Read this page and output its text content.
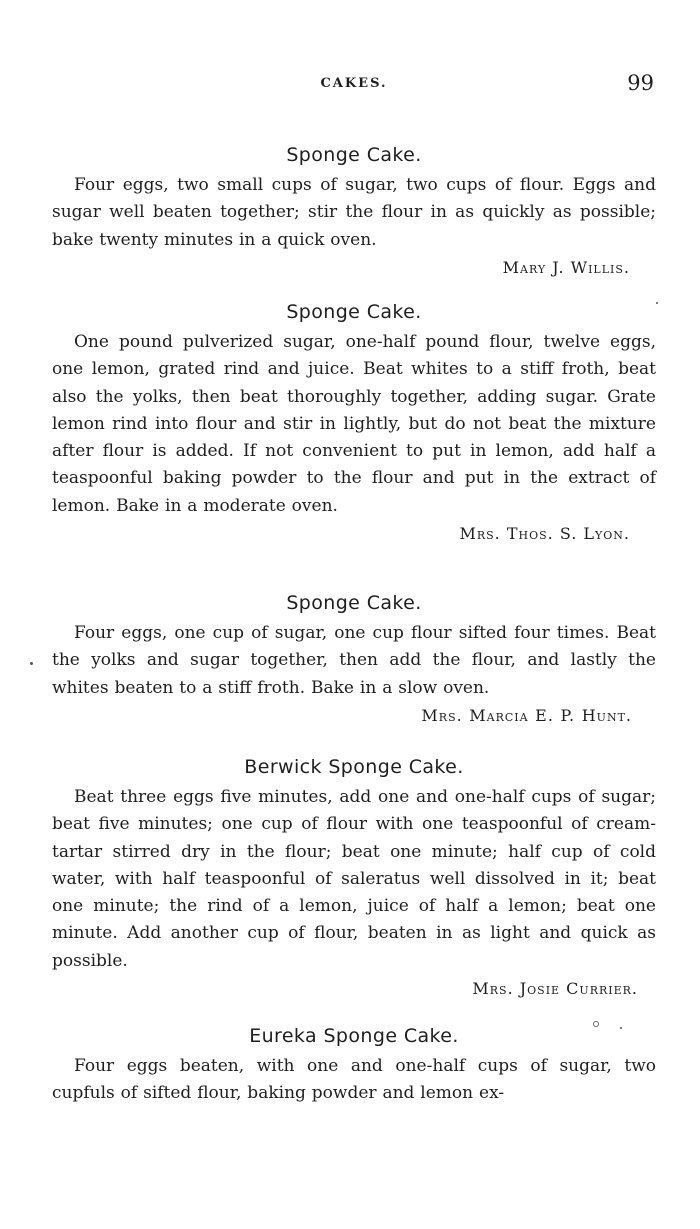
CAKES.	99
Sponge Cake.
Four eggs, two small cups of sugar, two cups of flour. Eggs and sugar well beaten together; stir the flour in as quickly as possible; bake twenty minutes in a quick oven.
Mary J. Willis.
Sponge Cake.
One pound pulverized sugar, one-half pound flour, twelve eggs, one lemon, grated rind and juice. Beat whites to a stiff froth, beat also the yolks, then beat thoroughly together, adding sugar. Grate lemon rind into flour and stir in lightly, but do not beat the mixture after flour is added. If not convenient to put in lemon, add half a teaspoonful baking powder to the flour and put in the extract of lemon. Bake in a moderate oven.
Mrs. Thos. S. Lyon.
Sponge Cake.
Four eggs, one cup of sugar, one cup flour sifted four times. Beat the yolks and sugar together, then add the flour, and lastly the whites beaten to a stiff froth. Bake in a slow oven.
Mrs. Marcia E. P. Hunt.
Berwick Sponge Cake.
Beat three eggs five minutes, add one and one-half cups of sugar; beat five minutes; one cup of flour with one teaspoonful of cream-tartar stirred dry in the flour; beat one minute; half cup of cold water, with half teaspoonful of saleratus well dissolved in it; beat one minute; the rind of a lemon, juice of half a lemon; beat one minute. Add another cup of flour, beaten in as light and quick as possible.
Mrs. Josie Currier.
Eureka Sponge Cake.
Four eggs beaten, with one and one-half cups of sugar, two cupfuls of sifted flour, baking powder and lemon ex-
